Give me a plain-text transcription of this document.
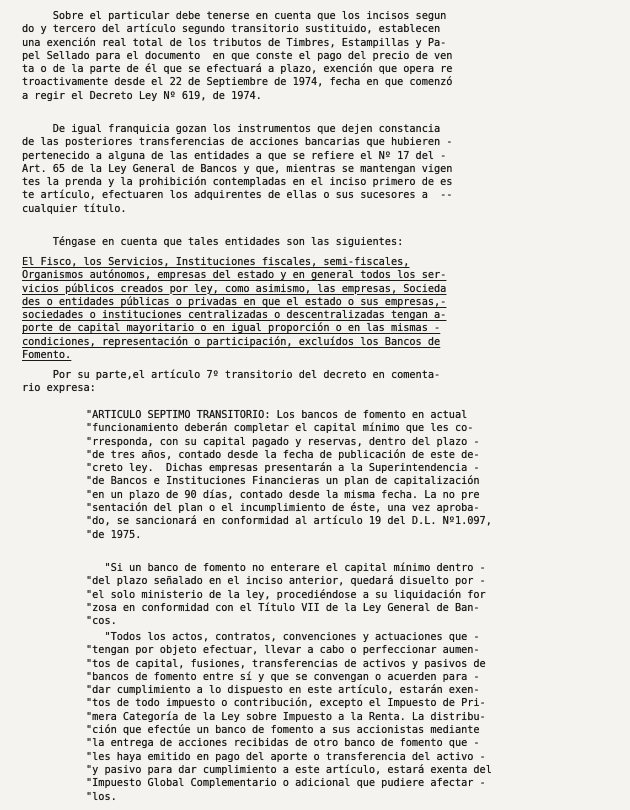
Sobre el particular debe tenerse en cuenta que los incisos segun
do y tercero del artículo segundo transitorio sustituido, establecen
una exención real total de los tributos de Timbres, Estampillas y Pa-
pel Sellado para el documento  en que conste el pago del precio de ven
ta o de la parte de él que se efectuará a plazo, exención que opera re
troactivamente desde el 22 de Septiembre de 1974, fecha en que comenzó
a regir el Decreto Ley Nº 619, de 1974.
De igual franquicia gozan los instrumentos que dejen constancia
de las posteriores transferencias de acciones bancarias que hubieren -
pertenecido a alguna de las entidades a que se refiere el Nº 17 del -
Art. 65 de la Ley General de Bancos y que, mientras se mantengan vigen
tes la prenda y la prohibición contempladas en el inciso primero de es
te artículo, efectuaren los adquirentes de ellas o sus sucesores a  --
cualquier título.
Téngase en cuenta que tales entidades son las siguientes:
El Fisco, los Servicios, Instituciones fiscales, semi-fiscales,
Organismos autónomos, empresas del estado y en general todos los ser-
vicios públicos creados por ley, como asimismo, las empresas, Socieda
des o entidades públicas o privadas en que el estado o sus empresas,-
sociedades o instituciones centralizadas o descentralizadas tengan a-
porte de capital mayoritario o en igual proporción o en las mismas -
condiciones, representación o participación, excluídos los Bancos de
Fomento.
Por su parte,el artículo 7º transitorio del decreto en comenta-
rio expresa:
"ARTICULO SEPTIMO TRANSITORIO: Los bancos de fomento en actual
"funcionamiento deberán completar el capital mínimo que les co-
"rresponda, con su capital pagado y reservas, dentro del plazo -
"de tres años, contado desde la fecha de publicación de este de-
"creto ley.  Dichas empresas presentarán a la Superintendencia -
"de Bancos e Instituciones Financieras un plan de capitalización
"en un plazo de 90 días, contado desde la misma fecha. La no pre
"sentación del plan o el incumplimiento de éste, una vez aproba-
"do, se sancionará en conformidad al artículo 19 del D.L. Nº1.097,
"de 1975.
"Si un banco de fomento no enterare el capital mínimo dentro -
"del plazo señalado en el inciso anterior, quedará disuelto por -
"el solo ministerio de la ley, procediéndose a su liquidación for
"zosa en conformidad con el Título VII de la Ley General de Ban-
"cos.
"Todos los actos, contratos, convenciones y actuaciones que -
"tengan por objeto efectuar, llevar a cabo o perfeccionar aumen-
"tos de capital, fusiones, transferencias de activos y pasivos de
"bancos de fomento entre sí y que se convengan o acuerden para -
"dar cumplimiento a lo dispuesto en este artículo, estarán exen-
"tos de todo impuesto o contribución, excepto el Impuesto de Pri-
"mera Categoría de la Ley sobre Impuesto a la Renta. La distribu-
"ción que efectúe un banco de fomento a sus accionistas mediante
"la entrega de acciones recibidas de otro banco de fomento que -
"les haya emitido en pago del aporte o transferencia del activo -
"y pasivo para dar cumplimiento a este artículo, estará exenta del
"Impuesto Global Complementario o adicional que pudiere afectar -
"los.
